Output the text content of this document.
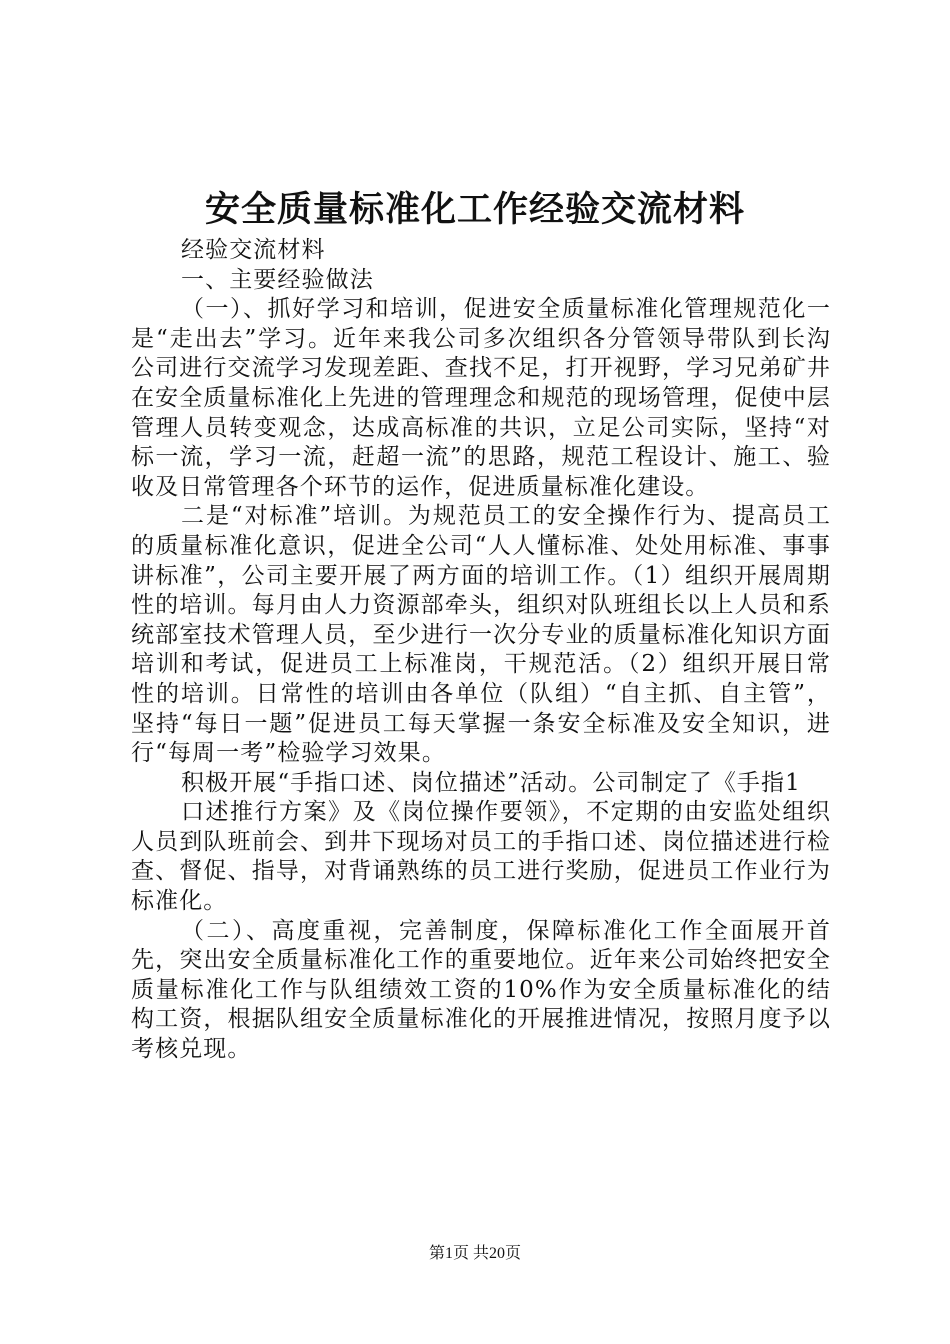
安全质量标准化工作经验交流材料

经验交流材料

一、主要经验做法

（一）、抓好学习和培训，促进安全质量标准化管理规范化一是“走出去”学习。近年来我公司多次组织各分管领导带队到长沟公司进行交流学习发现差距、查找不足，打开视野，学习兄弟矿井在安全质量标准化上先进的管理理念和规范的现场管理，促使中层管理人员转变观念，达成高标准的共识，立足公司实际，坚持“对标一流，学习一流，赶超一流”的思路，规范工程设计、施工、验收及日常管理各个环节的运作，促进质量标准化建设。

二是“对标准”培训。为规范员工的安全操作行为、提高员工的质量标准化意识，促进全公司“人人懂标准、处处用标准、事事讲标准”，公司主要开展了两方面的培训工作。（1）组织开展周期性的培训。每月由人力资源部牵头，组织对队班组长以上人员和系统部室技术管理人员，至少进行一次分专业的质量标准化知识方面培训和考试，促进员工上标准岗，干规范活。（2）组织开展日常性的培训。日常性的培训由各单位（队组）“自主抓、自主管”，坚持“每日一题”促进员工每天掌握一条安全标准及安全知识，进行“每周一考”检验学习效果。

积极开展“手指口述、岗位描述”活动。公司制定了《手指1

口述推行方案》及《岗位操作要领》，不定期的由安监处组织人员到队班前会、到井下现场对员工的手指口述、岗位描述进行检查、督促、指导，对背诵熟练的员工进行奖励，促进员工作业行为标准化。

（二）、高度重视，完善制度，保障标准化工作全面展开首先，突出安全质量标准化工作的重要地位。近年来公司始终把安全质量标准化工作与队组绩效工资的10%作为安全质量标准化的结构工资，根据队组安全质量标准化的开展推进情况，按照月度予以考核兑现。

第1页 共20页
